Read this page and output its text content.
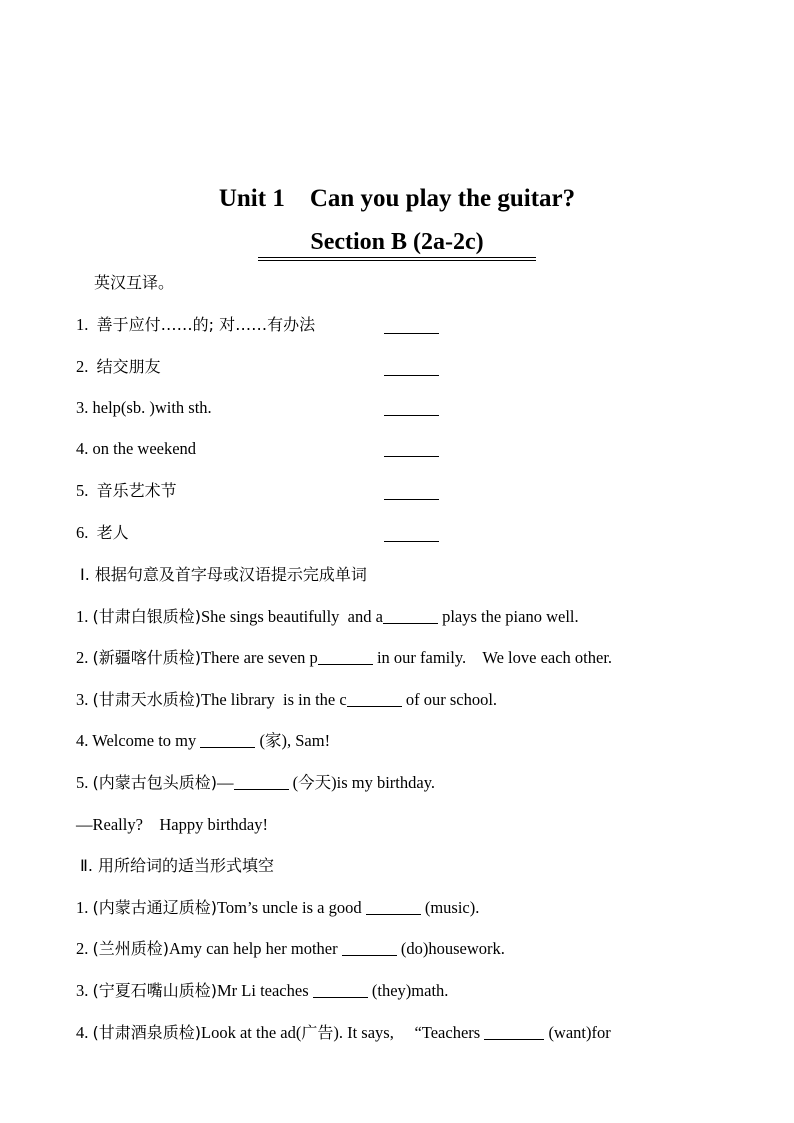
Unit 1    Can you play the guitar?
Section B (2a-2c)
英汉互译。
1. 善于应付……的; 对……有办法
2. 结交朋友
3. help(sb. )with sth.
4. on the weekend
5. 音乐艺术节
6. 老人
Ⅰ. 根据句意及首字母或汉语提示完成单词
1. (甘肃白银质检)She sings beautifully  and a	plays the piano well.
2. (新疆喀什质检)There are seven p	in our family.    We love each other.
3. (甘肃天水质检)The library  is in the c	of our school.
4. Welcome to my	(家), Sam!
5. (内蒙古包头质检)—	(今天)is my birthday.
—Really?    Happy birthday!
Ⅱ. 用所给词的适当形式填空
1. (内蒙古通辽质检)Tom’s uncle is a good	(music).
2. (兰州质检)Amy can help her mother	(do)housework.
3. (宁夏石嘴山质检)Mr Li teaches	(they)math.
4. (甘肃酒泉质检)Look at the ad(广告). It says,     “Teachers	(want)for
